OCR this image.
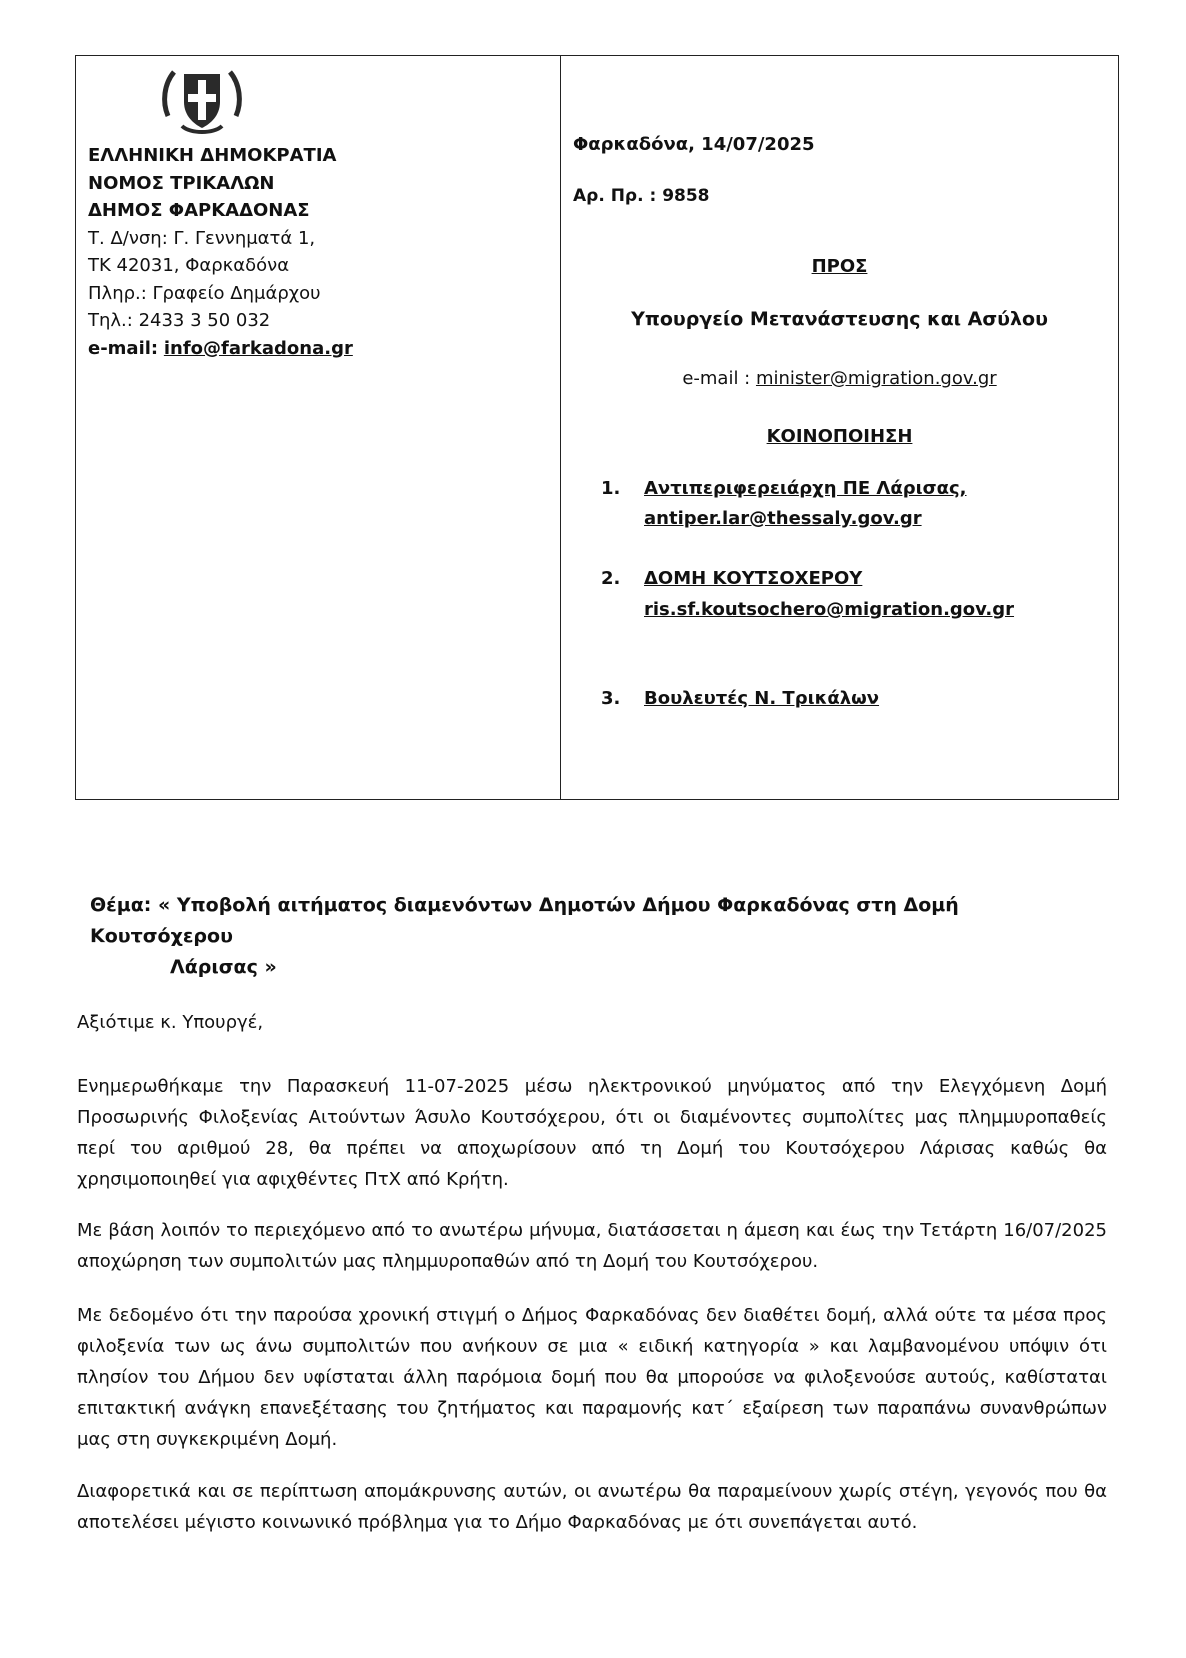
ΕΛΛΗΝΙΚΗ ΔΗΜΟΚΡΑΤΙΑ
ΝΟΜΟΣ ΤΡΙΚΑΛΩΝ
ΔΗΜΟΣ ΦΑΡΚΑΔΟΝΑΣ
Τ. Δ/νση: Γ. Γεννηματά 1,
ΤΚ 42031, Φαρκαδόνα
Πληρ.: Γραφείο Δημάρχου
Τηλ.: 2433 3 50 032
e-mail: info@farkadona.gr
Φαρκαδόνα, 14/07/2025
Αρ. Πρ. : 9858
ΠΡΟΣ
Υπουργείο Μετανάστευσης και Ασύλου
e-mail : minister@migration.gov.gr
ΚΟΙΝΟΠΟΙΗΣΗ
1.	Αντιπεριφερειάρχη ΠΕ Λάρισας,
antiper.lar@thessaly.gov.gr
2.	ΔΟΜΗ ΚΟΥΤΣΟΧΕΡΟΥ
ris.sf.koutsochero@migration.gov.gr
3.	Βουλευτές Ν. Τρικάλων
Θέμα: « Υποβολή αιτήματος διαμενόντων Δημοτών Δήμου Φαρκαδόνας στη Δομή Κουτσόχερου
Λάρισας »
Αξιότιμε κ. Υπουργέ,
Ενημερωθήκαμε την Παρασκευή 11-07-2025 μέσω ηλεκτρονικού μηνύματος από την Ελεγχόμενη Δομή Προσωρινής Φιλοξενίας Αιτούντων Άσυλο Κουτσόχερου, ότι οι διαμένοντες συμπολίτες μας πλημμυροπαθείς περί του αριθμού 28, θα πρέπει να αποχωρίσουν από τη Δομή του Κουτσόχερου Λάρισας καθώς θα χρησιμοποιηθεί για αφιχθέντες ΠτΧ από Κρήτη.
Με βάση λοιπόν το περιεχόμενο από το ανωτέρω μήνυμα, διατάσσεται η άμεση και έως την Τετάρτη 16/07/2025 αποχώρηση των συμπολιτών μας πλημμυροπαθών από τη Δομή του Κουτσόχερου.
Με δεδομένο ότι την παρούσα χρονική στιγμή ο Δήμος Φαρκαδόνας δεν διαθέτει δομή, αλλά ούτε τα μέσα προς φιλοξενία των ως άνω συμπολιτών που ανήκουν σε μια « ειδική κατηγορία » και λαμβανομένου υπόψιν ότι πλησίον του Δήμου δεν υφίσταται άλλη παρόμοια δομή που θα μπορούσε να φιλοξενούσε αυτούς, καθίσταται επιτακτική ανάγκη επανεξέτασης του ζητήματος και παραμονής κατ΄ εξαίρεση των παραπάνω συνανθρώπων μας στη συγκεκριμένη Δομή.
Διαφορετικά και σε περίπτωση απομάκρυνσης αυτών, οι ανωτέρω θα παραμείνουν χωρίς στέγη, γεγονός που θα αποτελέσει μέγιστο κοινωνικό πρόβλημα για το Δήμο Φαρκαδόνας με ότι συνεπάγεται αυτό.
